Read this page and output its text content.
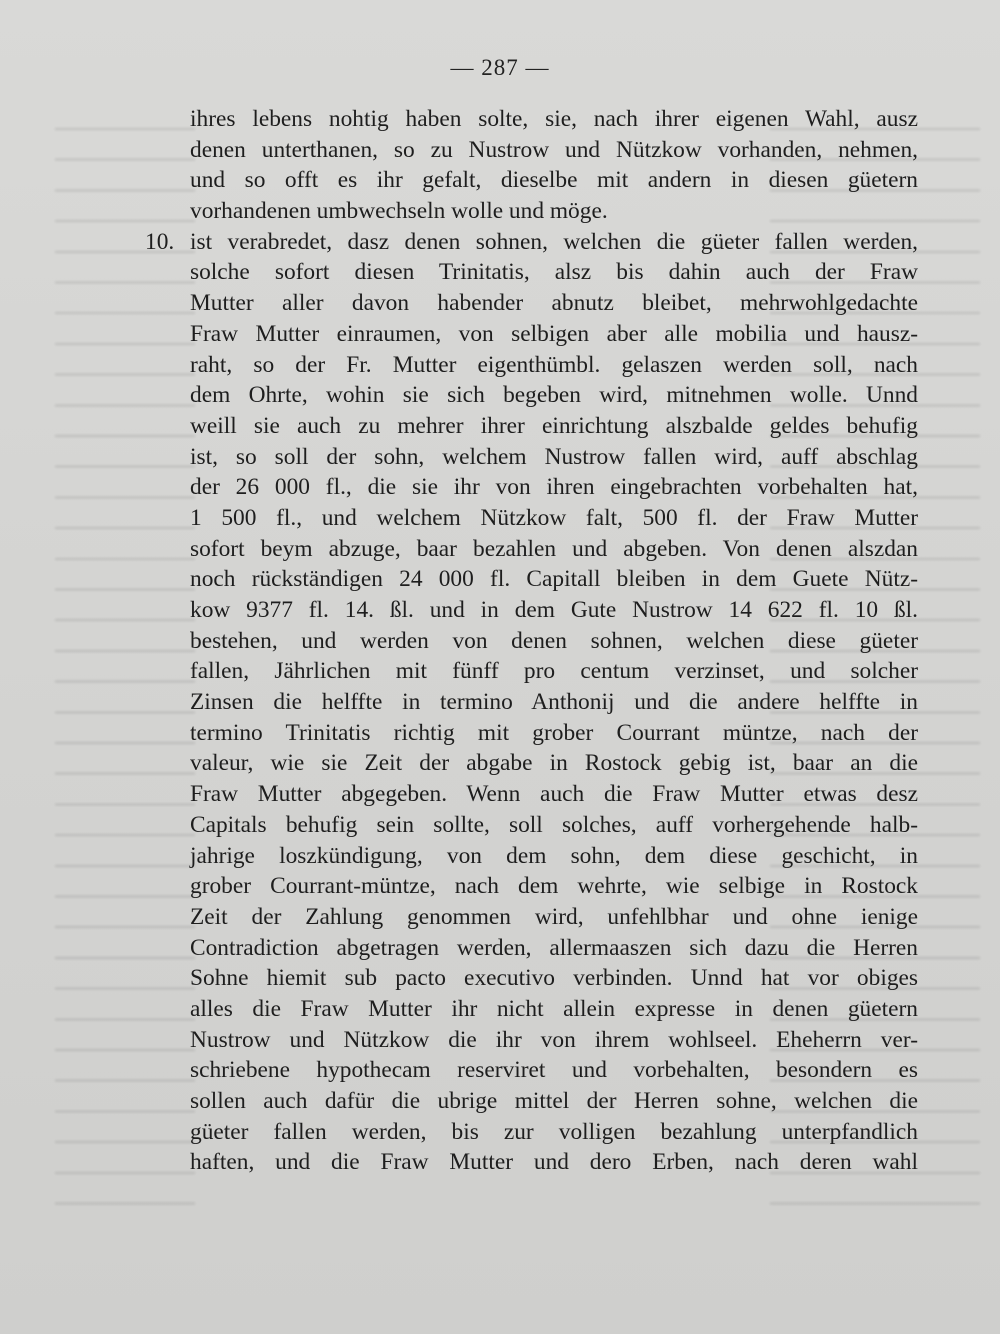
— 287 —
ihres lebens nohtig haben solte, sie, nach ihrer eigenen Wahl, ausz
denen unterthanen, so zu Nustrow und Nützkow vorhanden, nehmen,
und so offt es ihr gefalt, dieselbe mit andern in diesen güetern
vorhandenen umbwechseln wolle und möge.
10. ist verabredet, dasz denen sohnen, welchen die güeter fallen werden,
solche sofort diesen Trinitatis, alsz bis dahin auch der Fraw
Mutter aller davon habender abnutz bleibet, mehrwohlgedachte
Fraw Mutter einraumen, von selbigen aber alle mobilia und hausz-
raht, so der Fr. Mutter eigenthümbl. gelaszen werden soll, nach
dem Ohrte, wohin sie sich begeben wird, mitnehmen wolle. Unnd
weill sie auch zu mehrer ihrer einrichtung alszbalde geldes behufig
ist, so soll der sohn, welchem Nustrow fallen wird, auff abschlag
der 26 000 fl., die sie ihr von ihren eingebrachten vorbehalten hat,
1 500 fl., und welchem Nützkow falt, 500 fl. der Fraw Mutter
sofort beym abzuge, baar bezahlen und abgeben. Von denen alszdan
noch rückständigen 24 000 fl. Capitall bleiben in dem Guete Nütz-
kow 9377 fl. 14. ßl. und in dem Gute Nustrow 14 622 fl. 10 ßl.
bestehen, und werden von denen sohnen, welchen diese güeter
fallen, Jährlichen mit fünff pro centum verzinset, und solcher
Zinsen die helffte in termino Anthonij und die andere helffte in
termino Trinitatis richtig mit grober Courrant müntze, nach der
valeur, wie sie Zeit der abgabe in Rostock gebig ist, baar an die
Fraw Mutter abgegeben. Wenn auch die Fraw Mutter etwas desz
Capitals behufig sein sollte, soll solches, auff vorhergehende halb-
jahrige loszkündigung, von dem sohn, dem diese geschicht, in
grober Courrant-müntze, nach dem wehrte, wie selbige in Rostock
Zeit der Zahlung genommen wird, unfehlbhar und ohne ienige
Contradiction abgetragen werden, allermaaszen sich dazu die Herren
Sohne hiemit sub pacto executivo verbinden. Unnd hat vor obiges
alles die Fraw Mutter ihr nicht allein expresse in denen güetern
Nustrow und Nützkow die ihr von ihrem wohlseel. Eheherrn ver-
schriebene hypothecam reserviret und vorbehalten, besondern es
sollen auch dafür die ubrige mittel der Herren sohne, welchen die
güeter fallen werden, bis zur volligen bezahlung unterpfandlich
haften, und die Fraw Mutter und dero Erben, nach deren wahl
